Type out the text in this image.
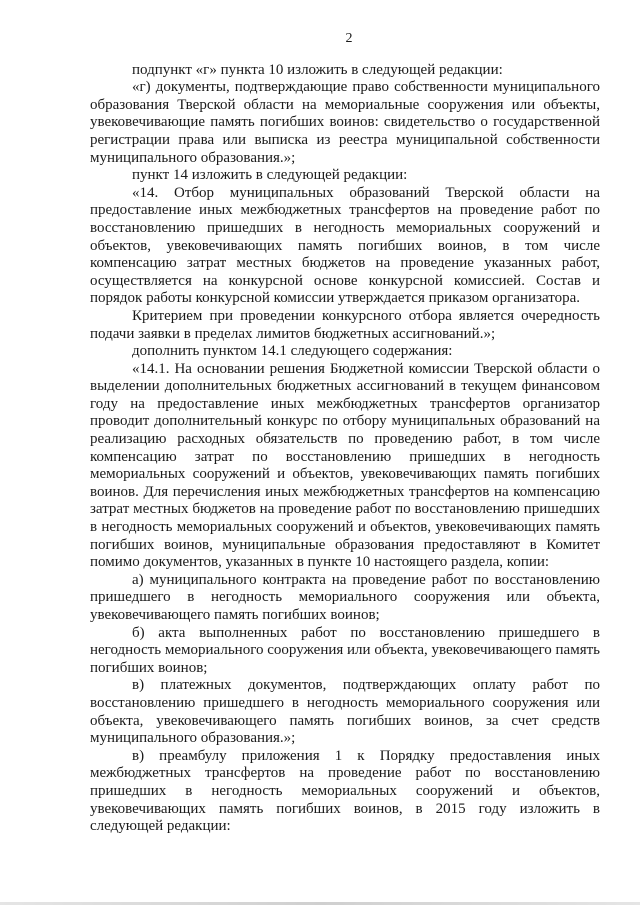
2

подпункт «г» пункта 10 изложить в следующей редакции:

«г) документы, подтверждающие право собственности муниципального образования Тверской области на мемориальные сооружения или объекты, увековечивающие память погибших воинов: свидетельство о государственной регистрации права или выписка из реестра муниципальной собственности муниципального образования.»;

пункт 14 изложить в следующей редакции:

«14. Отбор муниципальных образований Тверской области на предоставление иных межбюджетных трансфертов на проведение работ по восстановлению пришедших в негодность мемориальных сооружений и объектов, увековечивающих память погибших воинов, в том числе компенсацию затрат местных бюджетов на проведение указанных работ, осуществляется на конкурсной основе конкурсной комиссией. Состав и порядок работы конкурсной комиссии утверждается приказом организатора.

Критерием при проведении конкурсного отбора является очередность подачи заявки в пределах лимитов бюджетных ассигнований.»;

дополнить пунктом 14.1 следующего содержания:

«14.1. На основании решения Бюджетной комиссии Тверской области о выделении дополнительных бюджетных ассигнований в текущем финансовом году на предоставление иных межбюджетных трансфертов организатор проводит дополнительный конкурс по отбору муниципальных образований на реализацию расходных обязательств по проведению работ, в том числе компенсацию затрат по восстановлению пришедших в негодность мемориальных сооружений и объектов, увековечивающих память погибших воинов. Для перечисления иных межбюджетных трансфертов на компенсацию затрат местных бюджетов на проведение работ по восстановлению пришедших в негодность мемориальных сооружений и объектов, увековечивающих память погибших воинов, муниципальные образования предоставляют в Комитет помимо документов, указанных в пункте 10 настоящего раздела, копии:

а) муниципального контракта на проведение работ по восстановлению пришедшего в негодность мемориального сооружения или объекта, увековечивающего память погибших воинов;

б) акта выполненных работ по восстановлению пришедшего в негодность мемориального сооружения или объекта, увековечивающего память погибших воинов;

в) платежных документов, подтверждающих оплату работ по восстановлению пришедшего в негодность мемориального сооружения или объекта, увековечивающего память погибших воинов, за счет средств муниципального образования.»;

в) преамбулу приложения 1 к Порядку предоставления иных межбюджетных трансфертов на проведение работ по восстановлению пришедших в негодность мемориальных сооружений и объектов, увековечивающих память погибших воинов, в 2015 году изложить в следующей редакции:
